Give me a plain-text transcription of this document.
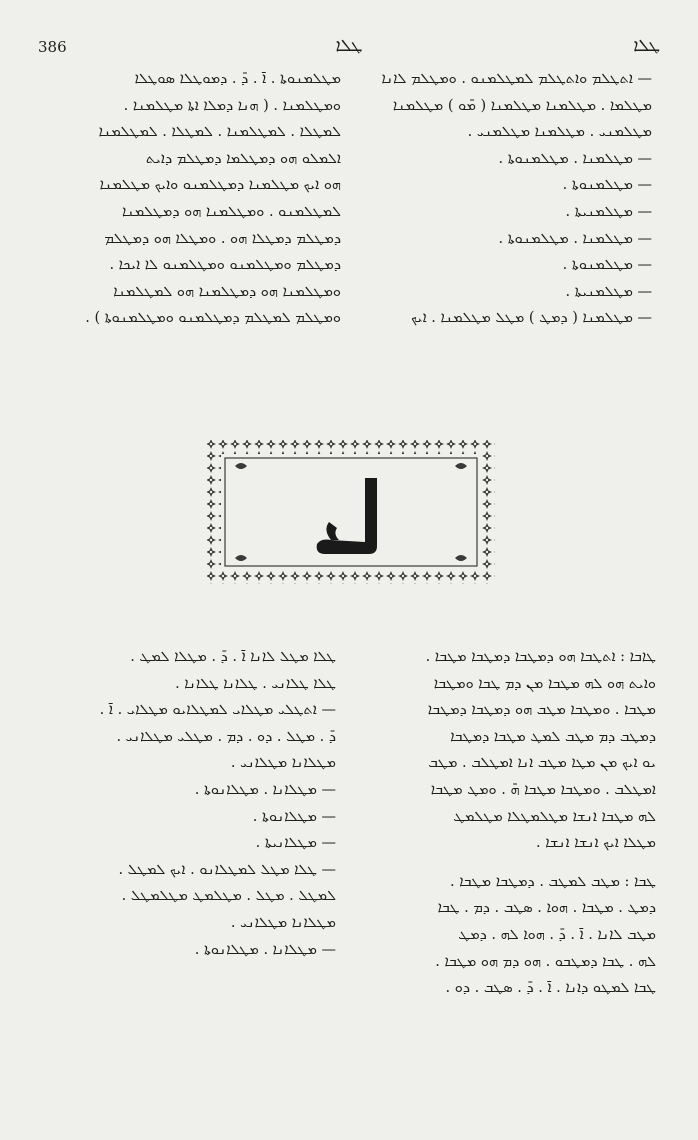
386	ܛܠܐ	ܛܠܐ
ܡܛܠܡܢܘܬܐ . ܐ̄ . ܕ̄ . ܕܡܘܛܠܐ ܣܘܛܠܐ
ܘܡܛܠܡܢܐ . ( ܗܢܐ ܕܡܠܐ ܐܬܐ ܡܛܠܡܢܐ .
ܠܡܛܠܐ . ܠܡܛܠܡܢܐ . ܠܡܛܠܐ . ܠܡܛܠܡܢܐ
ܐܠܡܠܘ ܗܘ ܕܡܛܠܡܐ ܕܡܛܠܡ ܕܐܝܬ
ܗܘ ܐܝܟ ܡܛܠܡܢܐ ܕܡܛܠܡܢܘ ܘܐܝܟ ܡܛܠܡܢܐ
ܠܡܛܠܡܢܘ . ܘܡܛܠܡܢܐ ܗܘ ܕܡܛܠܡܢܐ
ܕܡܛܠܡ ܕܡܛܠܐ ܗܘ . ܘܡܛܠܐ ܗܘ ܕܡܛܠܡ
ܕܡܛܠܡ ܘܡܛܠܡܢܘ ܘܡܛܠܡܢܘ ܠܐ ܐܝܟܐ .
ܘܡܛܠܡܢܐ ܗܘ ܕܡܛܠܡܢܐ ܗܘ ܠܡܛܠܡܢܐ
ܘܡܛܠܡ ܠܡܛܠܡ ܕܡܛܠܡܢܘ ܘܡܛܠܡܢܘܬܐ ) .
— ܐܬܛܠܡ ܘܐܬܛܠܡ ܠܡܛܠܡܢܘ . ܘܡܛܠܡ ܠܐܢܐ
ܡܛܠܡܐ . ܡܛܠܡܢܐ ܡܛܠܡܢܐ ( ܡ̄ܘ ) ܡܛܠܡܢܐ
ܡܛܠܡܢܝ . ܡܛܠܡܢܐ ܡܛܠܡܢܝ .
— ܡܛܠܡܢܐ . ܡܛܠܡܢܘܬܐ .
— ܡܛܠܡܢܘܬܐ .
— ܡܛܠܡܢܝܬܐ .
— ܡܛܠܡܢܐ . ܡܛܠܡܢܘܬܐ .
— ܡܛܠܡܢܘܬܐ .
— ܡܛܠܡܢܝܬܐ .
— ܡܛܠܡܢܐ ( ܕܡܛ ) ܡܛܠ ܡܛܠܡܢܐ . ܐܝܟ
ܛܠܐ ܡܛܠ ܠܐܢܐ ܐ̄ . ܕ̄ . ܡܛܠܐ ܠܡܛ .
ܛܠܐ ܛܠܐܢܝ . ܛܠܐܢܐ ܛܠܐܢܐ .
— ܐܬܛܠܝ ܡܛܠܐܝ ܠܡܛܠܐܝܘ ܡܛܠܐܝ . ܐ̄ .
ܕ̄ . ܡܛܠ . ܕܘ . ܕܡ . ܡܛܠܝ ܡܛܠܐܢܝ .
ܡܛܠܐܢܐ ܡܛܠܐܢܝ .
— ܡܛܠܐܢܐ . ܡܛܠܐܢܘܬܐ .
— ܡܛܠܐܢܘܬܐ .
— ܡܛܠܐܢܝܬܐ .
— ܛܠܐ ܡܛܠ ܠܡܛܠܐܢܘ . ܐܝܟ ܠܡܛܠ .
ܠܡܛܠ . ܡܛܠ . ܡܛܠܡܛ ܡܛܠܡܛܠ .
ܡܛܠܐܢܐ ܡܛܠܐܢܝ .
— ܡܛܠܐܢܐ . ܡܛܠܐܢܘܬܐ .
ܛܐܒܐ : ܐܬܛܒܐ ܗܘ ܕܡܛܒܐ ܕܡܛܒܐ ܡܛܒܐ .
ܘܐܝܬ ܗܘ ܠܗ ܡܛܒܐ ܡܢ ܕܡ ܛܒܐ ܘܡܛܒܐ
ܡܛܒܐ . ܘܡܛܒܐ ܡܛܒ ܗܘ ܕܡܛܒܐ ܕܡܛܒܐ
ܕܡܛܒ ܕܡ ܡܛܒ ܠܡܛ ܡܛܒܐ ܕܡܛܒܐ
ܝܘ ܐܝܟ ܡܢ ܡܛܐ ܡܛܒ ܐܢܐ ܐܡܛܠܒ . ܡܛܒ
ܐܡܛܠܒ . ܘܡܛܒܐ ܡܛܒܐ ܗ̄ . ܘܡܛ ܡܛܒܐ
ܠܗ ܡܛܒܐ ܐܢܫܐ ܡܛܠܡܛܠܐ ܡܛܠܡܛ
ܡܛܠܐ ܐܝܟ ܐܢܫܐ ܐܢܫܐ .
ܛܒܐ : ܡܛܒ ܠܡܛܒ . ܕܡܛܒܐ ܡܛܒܐ .
ܕܡܛ . ܡܛܒܐ . ܗܘܐ . ܣܛܒ . ܕܡ . ܛܒܐ
ܡܛܒ ܠܐܢܐ . ܐ̄ . ܕ̄ . ܗܘܐ ܠܗ . ܕܡܛ
ܠܗ . ܛܒܐ ܕܡܛܒܘ . ܗܘ ܕܡ ܗܘ ܡܛܒܐ .
ܛܒܐ ܠܡܛܘ ܕܐܢܐ . ܐ̄ . ܕ̄ . ܣܛܒ . ܕܘ .
